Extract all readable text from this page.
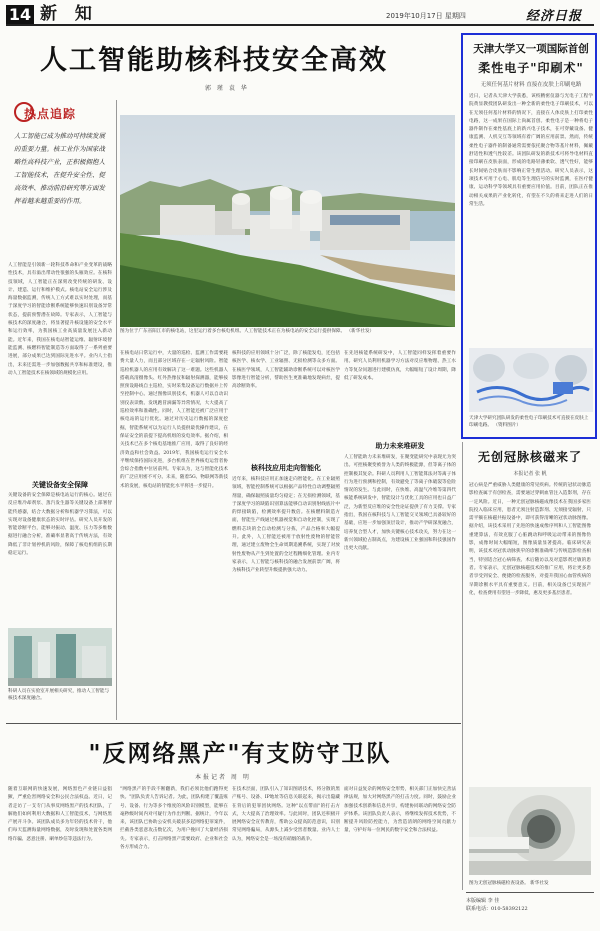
14 新 知	2019年10月17日 星期四	经济日报
人工智能助核科技安全高效
郭 瑾 袁 华
热点追踪
人工智能已成为推动可持续发展的重要力量。核工业作为国家战略性高科技产业，正积极拥抱人工智能技术，在提升安全性、提高效率、推动前沿研究等方面发挥着越来越重要的作用。
图为位于广东省阳江市的核电站，这里运行着多台核电机组。人工智能技术正在为核电站的安全运行提供保障。 （新华社发）
人工智能是引领新一轮科技革命和产业变革的战略性技术，具有溢出带动性很强的头雁效应。在核科技领域，人工智能正在深刻改变传统的研发、设计、建造、运行和维护模式。核电站安全运行涉及海量数据监测，传统人工方式难以实时处理，而基于深度学习的智能诊断系统能够快速识别设备异常状态，提前预警潜在故障。专家表示，人工智能与核技术的深度融合，将显著提升核设施的安全水平和运行效率，为我国核工业高质量发展注入新动能。近年来，我国在核电站智能运维、辐射环境智能监测、核燃料智能制造等方面取得了一系列重要进展，部分成果已达到国际先进水平。业内人士指出，未来还需进一步加强数据共享和标准建设，推动人工智能技术在核领域的规模化应用。
关键设备安全保障
关键设备的安全保障是核电站运行的核心。通过在反应堆冷却剂泵、蒸汽发生器等关键设备上部署智能传感器，结合大数据分析和机器学习算法，可以实现对设备健康状态的实时评估。研究人员开发的智能诊断平台，能够对振动、温度、压力等多维数据进行融合分析，准确率显著高于传统方法，有效降低了非计划停机的风险，保障了核电机组的长期稳定运行。
科研人员在实验室开展相关研究，推动人工智能与核技术深度融合。
在核电站日常运行中，大量的巡检、监测工作需要耗费大量人力，而且部分区域存在一定辐射风险。智能巡检机器人的应用有效解决了这一难题。这些机器人搭载高清摄像头、红外热像仪和辐射探测器，能够按照预设路线自主巡检，实时采集设备运行数据并上传至控制中心。通过图像识别技术，机器人可以自动识别仪表读数、发现跑冒滴漏等异常情况，大大提高了巡检效率和准确性。同时，人工智能还被广泛应用于核电站的运行优化。通过对历史运行数据的深度挖掘，智能系统可以为运行人员提供最优操作建议，在保证安全的前提下提高机组的发电效率。据介绍，相关技术已在多个核电基地推广应用，取得了良好的经济效益和社会效益。2019年，我国核电运行安全水平继续保持国际先进，多台机组在世界核电运营者协会综合指数中位居前列。专家认为，这与智能化技术的广泛应用密不可分。未来，随着5G、物联网等新技术的发展，核电站的智能化水平将进一步提升。
核科技的应用领域十分广泛，除了核能发电，还包括核医学、核农学、工业辐照、无损检测等众多方面。在核医学领域，人工智能辅助诊断系统可以对核医学影像进行智能分析，帮助医生更准确地发现病灶，提高诊断效率。
核科技应用走向智能化
近年来，核科技应用正加速走向智能化。在工业辐照领域，智能控制系统可以根据产品特性自动调整辐照剂量，确保辐照质量均匀稳定；在无损检测领域，基于深度学习的缺陷识别算法能够自动识别射线底片中的焊接缺陷，检测效率提升数倍。在核燃料制造方面，智能生产线通过机器视觉和自动化控制，实现了燃料芯块的全自动检测与分拣，产品合格率大幅提升。此外，人工智能还被用于放射性废物的智能管理，通过建立废物全生命周期追溯系统，实现了对放射性废物从产生到处置的全过程精细化管理。业内专家表示，人工智能与核科技的融合发展前景广阔，将为核科技产业转型升级提供强大动力。
在先进核能系统研发中，人工智能同样发挥着重要作用。研究人员利用机器学习方法对反应堆物理、热工水力等复杂问题进行建模仿真，大幅缩短了设计周期，降低了研发成本。
助力未来堆研发
人工智能助力未来堆研发，在聚变能研究中表现尤为突出。可控核聚变被誉为人类的终极能源，但等离子体的控制极其复杂。科研人员利用人工智能算法对等离子体行为进行预测和控制，有效避免了等离子体破裂等危险情况的发生。与此同时，在快堆、高温气冷堆等第四代核能系统研发中，智能设计与优化工具的应用也日益广泛，为新型反应堆的安全性论证提供了有力支撑。专家指出，我国在核科技与人工智能交叉领域已具备较好的基础，应进一步加强顶层设计，推动产学研深度融合，培养复合型人才，加快关键核心技术攻关，努力在这一新兴领域抢占制高点，为建设核工业强国和科技强国作出更大贡献。
天津大学又一项国际首创
柔性电子"印刷术"
无须任何基片材料 直接在皮肤上印刷电路
近日，记者从天津大学获悉，该校精密仪器与光电子工程学院黄显教授团队研发出一种全新的柔性电子印刷技术，可以在无须任何基片材料的情况下，直接在人体皮肤上打印柔性电路，这一成果在国际上尚属首创。柔性电子是一种将电子器件制作在柔性基底上的新兴电子技术，在可穿戴设备、健康监测、人机交互等领域有着广阔的应用前景。然而，传统柔性电子器件的制备通常需要依托聚合物等基片材料，佩戴舒适性和透气性较差。该团队研发的新技术可将导电材料直接印刷在皮肤表面，形成的电路轻薄柔软、透气性好，能够长时间贴合皮肤而不影响正常生理活动。研究人员表示，这项技术可用于心电、肌电等生理信号的实时监测，在医疗健康、运动科学等领域具有重要应用价值。目前，团队正在推动相关成果的产业化转化，有望在不久的将来走进人们的日常生活。
天津大学研究团队研发的柔性电子印刷技术可直接在皮肤上印刷电路。 （资料图片）
无创冠脉核磁来了
本报记者 张 帆
冠心病是严重威胁人类健康的常见疾病。传统的冠状动脉造影检查属于有创检查，需要通过穿刺血管注入造影剂，存在一定风险。近日，一种无创冠脉核磁成像技术在我国多家医院投入临床应用，患者无须注射造影剂、无须接受辐射，只需平躺在核磁共振设备中，即可获得清晰的冠状动脉图像。据介绍，该技术采用了先进的快速成像序列和人工智能图像重建算法，有效克服了心脏跳动和呼吸运动带来的图像伪影，成像时间大幅缩短，图像质量显著提高。临床研究表明，该技术对冠状动脉狭窄的诊断准确率与传统造影检查相当，特别适合冠心病筛查、术后随访以及对造影剂过敏的患者。专家表示，无创冠脉核磁技术的推广应用，将让更多患者享受到安全、便捷的检查服务，对提升我国心血管疾病的早期诊断水平具有重要意义。目前，相关设备已实现国产化，检查费用有望进一步降低，惠及更多基层患者。
图为无创冠脉核磁检查设备。 新华社发
"反网络黑产"有支防守卫队
本报记者 周 明
随着互联网的快速发展，网络黑色产业链日益猖獗，严重危害网络安全和公民合法权益。近日，记者走访了一支专门从事反网络黑产的技术团队，了解他们如何利用大数据和人工智能技术，与网络黑产展开斗争。该团队成员多为年轻的技术骨干，他们每天监测海量网络数据，及时发现和处置各类网络诈骗、恶意注册、刷单炒信等违法行为。
"网络黑产的手段不断翻新，我们必须比他们跑得更快。"团队负责人告诉记者。为此，团队构建了覆盖账号、设备、行为等多个维度的风险识别模型，能够在毫秒级时间内对可疑行为作出判断。据统计，今年以来，该团队已协助公安机关破获多起网络犯罪案件，拦截各类恶意攻击数亿次，为用户挽回了大量经济损失。专家表示，打击网络黑产需要政府、企业和社会各方形成合力。
在技术层面，团队引入了知识图谱技术，将分散的黑产账号、设备、IP地址等信息关联起来，揭示出隐藏在背后的犯罪团伙网络。这种"以点带面"的打击方式，大大提高了治理效率。与此同时，团队还积极开展网络安全宣传教育，帮助公众提高防范意识，识别常见网络骗局，从源头上减少受害者数量。业内人士认为，网络安全是一场没有硝烟的战争。
面对日益复杂的网络安全形势，相关部门正加快完善法律法规，加大对网络黑产的打击力度。同时，鼓励企业加强技术创新和信息共享，构建协同联动的网络安全防护体系。该团队负责人表示，将继续发挥技术优势，不断提升风险防控能力，为营造清朗的网络空间贡献力量，守护好每一位网民的数字安全和合法权益。
本版编辑 李 佳
联系电话：010-58392122
